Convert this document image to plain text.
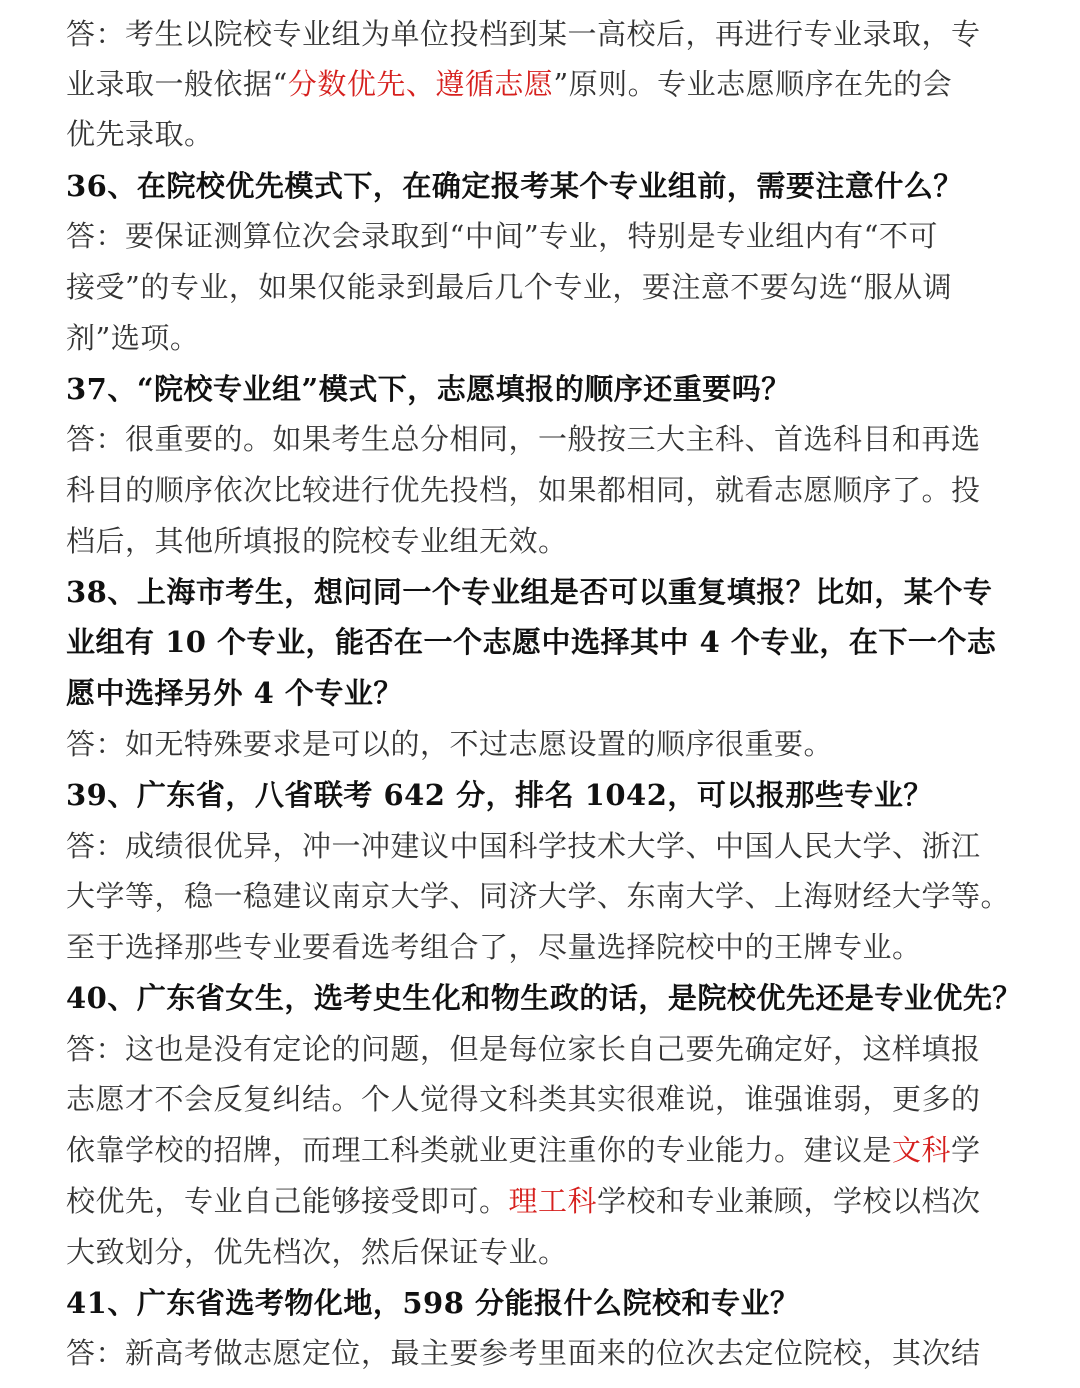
答：考生以院校专业组为单位投档到某一高校后，再进行专业录取，专
业录取一般依据“分数优先、遵循志愿”原则。专业志愿顺序在先的会
优先录取。
36、在院校优先模式下，在确定报考某个专业组前，需要注意什么？
答：要保证测算位次会录取到“中间”专业，特别是专业组内有“不可
接受”的专业，如果仅能录到最后几个专业，要注意不要勾选“服从调
剂”选项。
37、“院校专业组”模式下，志愿填报的顺序还重要吗？
答：很重要的。如果考生总分相同，一般按三大主科、首选科目和再选
科目的顺序依次比较进行优先投档，如果都相同，就看志愿顺序了。投
档后，其他所填报的院校专业组无效。
38、上海市考生，想问同一个专业组是否可以重复填报？比如，某个专
业组有 10 个专业，能否在一个志愿中选择其中 4 个专业，在下一个志
愿中选择另外 4 个专业？
答：如无特殊要求是可以的，不过志愿设置的顺序很重要。
39、广东省，八省联考 642 分，排名 1042，可以报那些专业？
答：成绩很优异，冲一冲建议中国科学技术大学、中国人民大学、浙江
大学等，稳一稳建议南京大学、同济大学、东南大学、上海财经大学等。
至于选择那些专业要看选考组合了，尽量选择院校中的王牌专业。
40、广东省女生，选考史生化和物生政的话，是院校优先还是专业优先？
答：这也是没有定论的问题，但是每位家长自己要先确定好，这样填报
志愿才不会反复纠结。个人觉得文科类其实很难说，谁强谁弱，更多的
依靠学校的招牌，而理工科类就业更注重你的专业能力。建议是文科学
校优先，专业自己能够接受即可。理工科学校和专业兼顾，学校以档次
大致划分，优先档次，然后保证专业。
41、广东省选考物化地，598 分能报什么院校和专业？
答：新高考做志愿定位，最主要参考里面来的位次去定位院校，其次结
